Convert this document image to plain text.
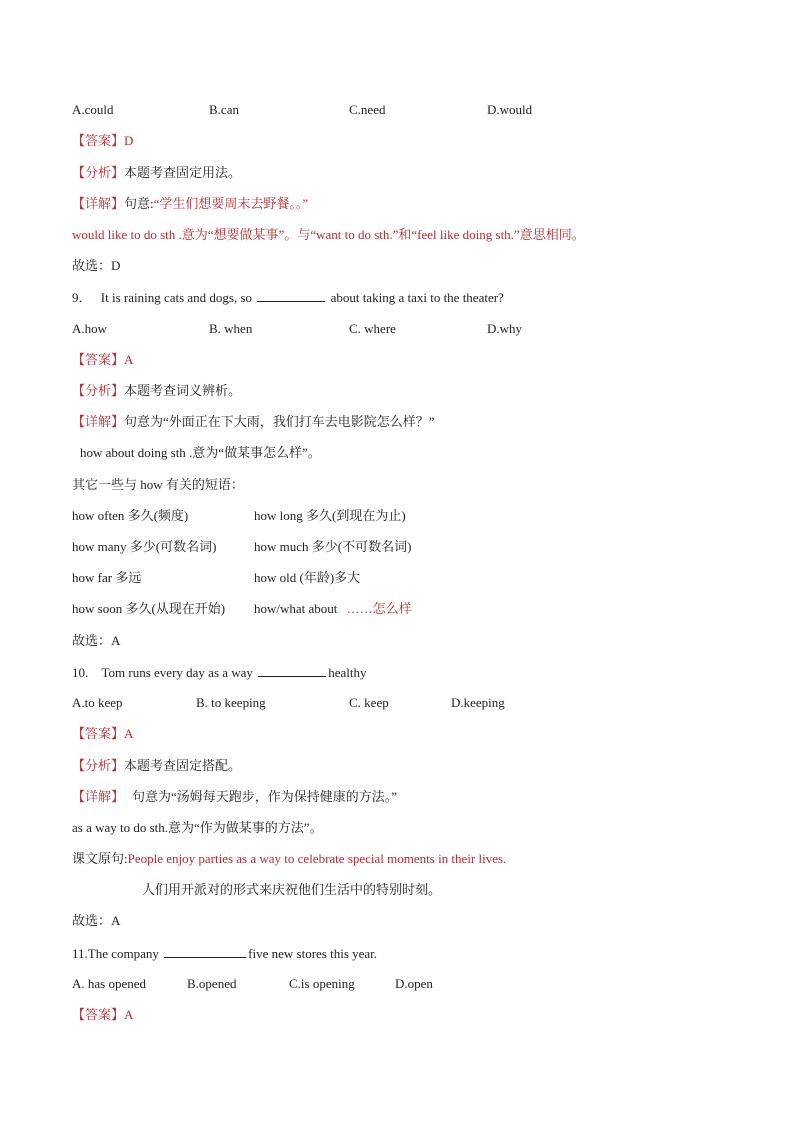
A.could	B.can	C.need	D.would
【答案】D
【分析】本题考查固定用法。
【详解】句意:“学生们想要周末去野餐。。”
would like to do sth .意为“想要做某事”。与“want to do sth.”和“feel like doing sth.”意思相同。
故选：D
9． It is raining cats and dogs, so	about taking a taxi to the theater?
A.how	B. when	C. where	D.why
【答案】A
【分析】本题考查词义辨析。
【详解】句意为“外面正在下大雨，我们打车去电影院怎么样？”
how about doing sth .意为“做某事怎么样”。
其它一些与 how 有关的短语：
how often 多久(频度)	how long 多久(到现在为止)
how many 多少(可数名词)	how much 多少(不可数名词)
how far 多远	how old (年龄)多大
how soon 多久(从现在开始) how/what about ……怎么样
故选：A
10. Tom runs every day as a way	healthy
A.to keep	B. to keeping	C. keep	D.keeping
【答案】A
【分析】本题考查固定搭配。
【详解】 句意为“汤姆每天跑步，作为保持健康的方法。”
as a way to do sth.意为“作为做某事的方法”。
课文原句:People enjoy parties as a way to celebrate special moments in their lives.
人们用开派对的形式来庆祝他们生活中的特别时刻。
故选：A
11.The company	five new stores this year.
A. has opened	B.opened	C.is opening	D.open
【答案】A
